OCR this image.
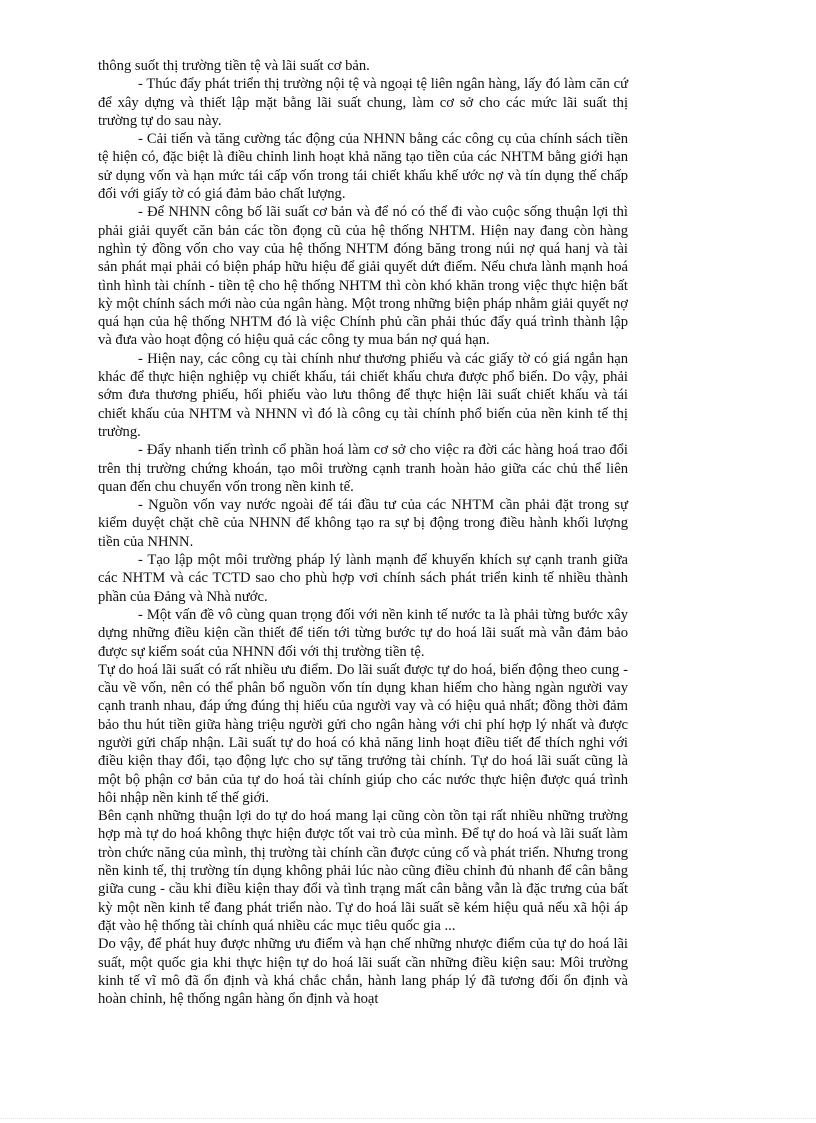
thông suốt thị trường tiền tệ và lãi suất cơ bản.

- Thúc đẩy phát triển thị trường nội tệ và ngoại tệ liên ngân hàng, lấy đó làm căn cứ để xây dựng và thiết lập mặt bằng lãi suất chung, làm cơ sở cho các mức lãi suất thị trường tự do sau này.

- Cải tiến và tăng cường tác động của NHNN bằng các công cụ của chính sách tiền tệ hiện có, đặc biệt là điều chỉnh linh hoạt khả năng tạo tiền của các NHTM bằng giới hạn sử dụng vốn và hạn mức tái cấp vốn trong tái chiết khấu khế ước nợ và tín dụng thế chấp đối với giấy tờ có giá đảm bảo chất lượng.

- Để NHNN công bố lãi suất cơ bản và để nó có thể đi vào cuộc sống thuận lợi thì phải giải quyết căn bản các tồn đọng cũ của hệ thống NHTM. Hiện nay đang còn hàng nghìn tỷ đồng vốn cho vay của hệ thống NHTM đóng băng trong núi nợ quá hanj và tài sản phát mại phải có biện pháp hữu hiệu để giải quyết dứt điểm. Nếu chưa lành mạnh hoá tình hình tài chính - tiền tệ cho hệ thống NHTM thì còn khó khăn trong việc thực hiện bất kỳ một chính sách mới nào của ngân hàng. Một trong những biện pháp nhằm giải quyết nợ quá hạn của hệ thống NHTM đó là việc Chính phủ cần phải thúc đẩy quá trình thành lập và đưa vào hoạt động có hiệu quả các công ty mua bán nợ quá hạn.

- Hiện nay, các công cụ tài chính như thương phiếu và các giấy tờ có giá ngắn hạn khác để thực hiện nghiệp vụ chiết khấu, tái chiết khấu chưa được phổ biến. Do vậy, phải sớm đưa thương phiếu, hối phiếu vào lưu thông để thực hiện lãi suất chiết khấu và tái chiết khấu của NHTM và NHNN vì đó là công cụ tài chính phổ biến của nền kinh tế thị trường.

- Đẩy nhanh tiến trình cổ phần hoá làm cơ sở cho việc ra đời các hàng hoá trao đổi trên thị trường chứng khoán, tạo môi trường cạnh tranh hoàn hảo giữa các chủ thể liên quan đến chu chuyển vốn trong nền kinh tế.

- Nguồn vốn vay nước ngoài để tái đầu tư của các NHTM cần phải đặt trong sự kiểm duyệt chặt chẽ của NHNN để không tạo ra sự bị động trong điều hành khối lượng tiền của NHNN.

- Tạo lập một môi trường pháp lý lành mạnh để khuyến khích sự cạnh tranh giữa các NHTM và các TCTD sao cho phù hợp vơi chính sách phát triển kinh tế nhiều thành phần của Đảng và Nhà nước.

- Một vấn đề vô cùng quan trọng đối với nền kinh tế nước ta là phải từng bước xây dựng những điều kiện cần thiết để tiến tới từng bước tự do hoá lãi suất mà vẫn đảm bảo được sự kiểm soát của NHNN đối với thị trường tiền tệ.

Tự do hoá lãi suất có rất nhiều ưu điểm. Do lãi suất được tự do hoá, biến động theo cung - cầu về vốn, nên có thể phân bổ nguồn vốn tín dụng khan hiếm cho hàng ngàn người vay cạnh tranh nhau, đáp ứng đúng thị hiếu của người vay và có hiệu quả nhất; đồng thời đảm bảo thu hút tiền giữa hàng triệu người gửi cho ngân hàng với chi phí hợp lý nhất và được người gửi chấp nhận. Lãi suất tự do hoá có khả năng linh hoạt điều tiết để thích nghi với điều kiện thay đổi, tạo động lực cho sự tăng trưởng tài chính. Tự do hoá lãi suất cũng là một bộ phận cơ bản của tự do hoá tài chính giúp cho các nước thực hiện được quá trình hôi nhập nền kinh tế thế giới.

Bên cạnh những thuận lợi do tự do hoá mang lại cũng còn tồn tại rất nhiều những trường hợp mà tự do hoá không thực hiện được tốt vai trò của mình. Để tự do hoá và lãi suất làm tròn chức năng của mình, thị trường tài chính cần được củng cố và phát triển. Nhưng trong nền kinh tế, thị trường tín dụng không phải lúc nào cũng điều chỉnh đủ nhanh để cân bằng giữa cung - cầu khi điều kiện thay đổi và tình trạng mất cân bằng vẫn là đặc trưng của bất kỳ một nền kinh tế đang phát triển nào. Tự do hoá lãi suất sẽ kém hiệu quả nếu xã hội áp đặt vào hệ thống tài chính quá nhiều các mục tiêu quốc gia ...

Do vậy, để phát huy được những ưu điểm và hạn chế những nhược điểm của tự do hoá lãi suất, một quốc gia khi thực hiện tự do hoá lãi suất cần những điều kiện sau: Môi trường kinh tế vĩ mô đã ổn định và khá chắc chắn, hành lang pháp lý đã tương đối ổn định và hoàn chỉnh, hệ thống ngân hàng ổn định và hoạt
